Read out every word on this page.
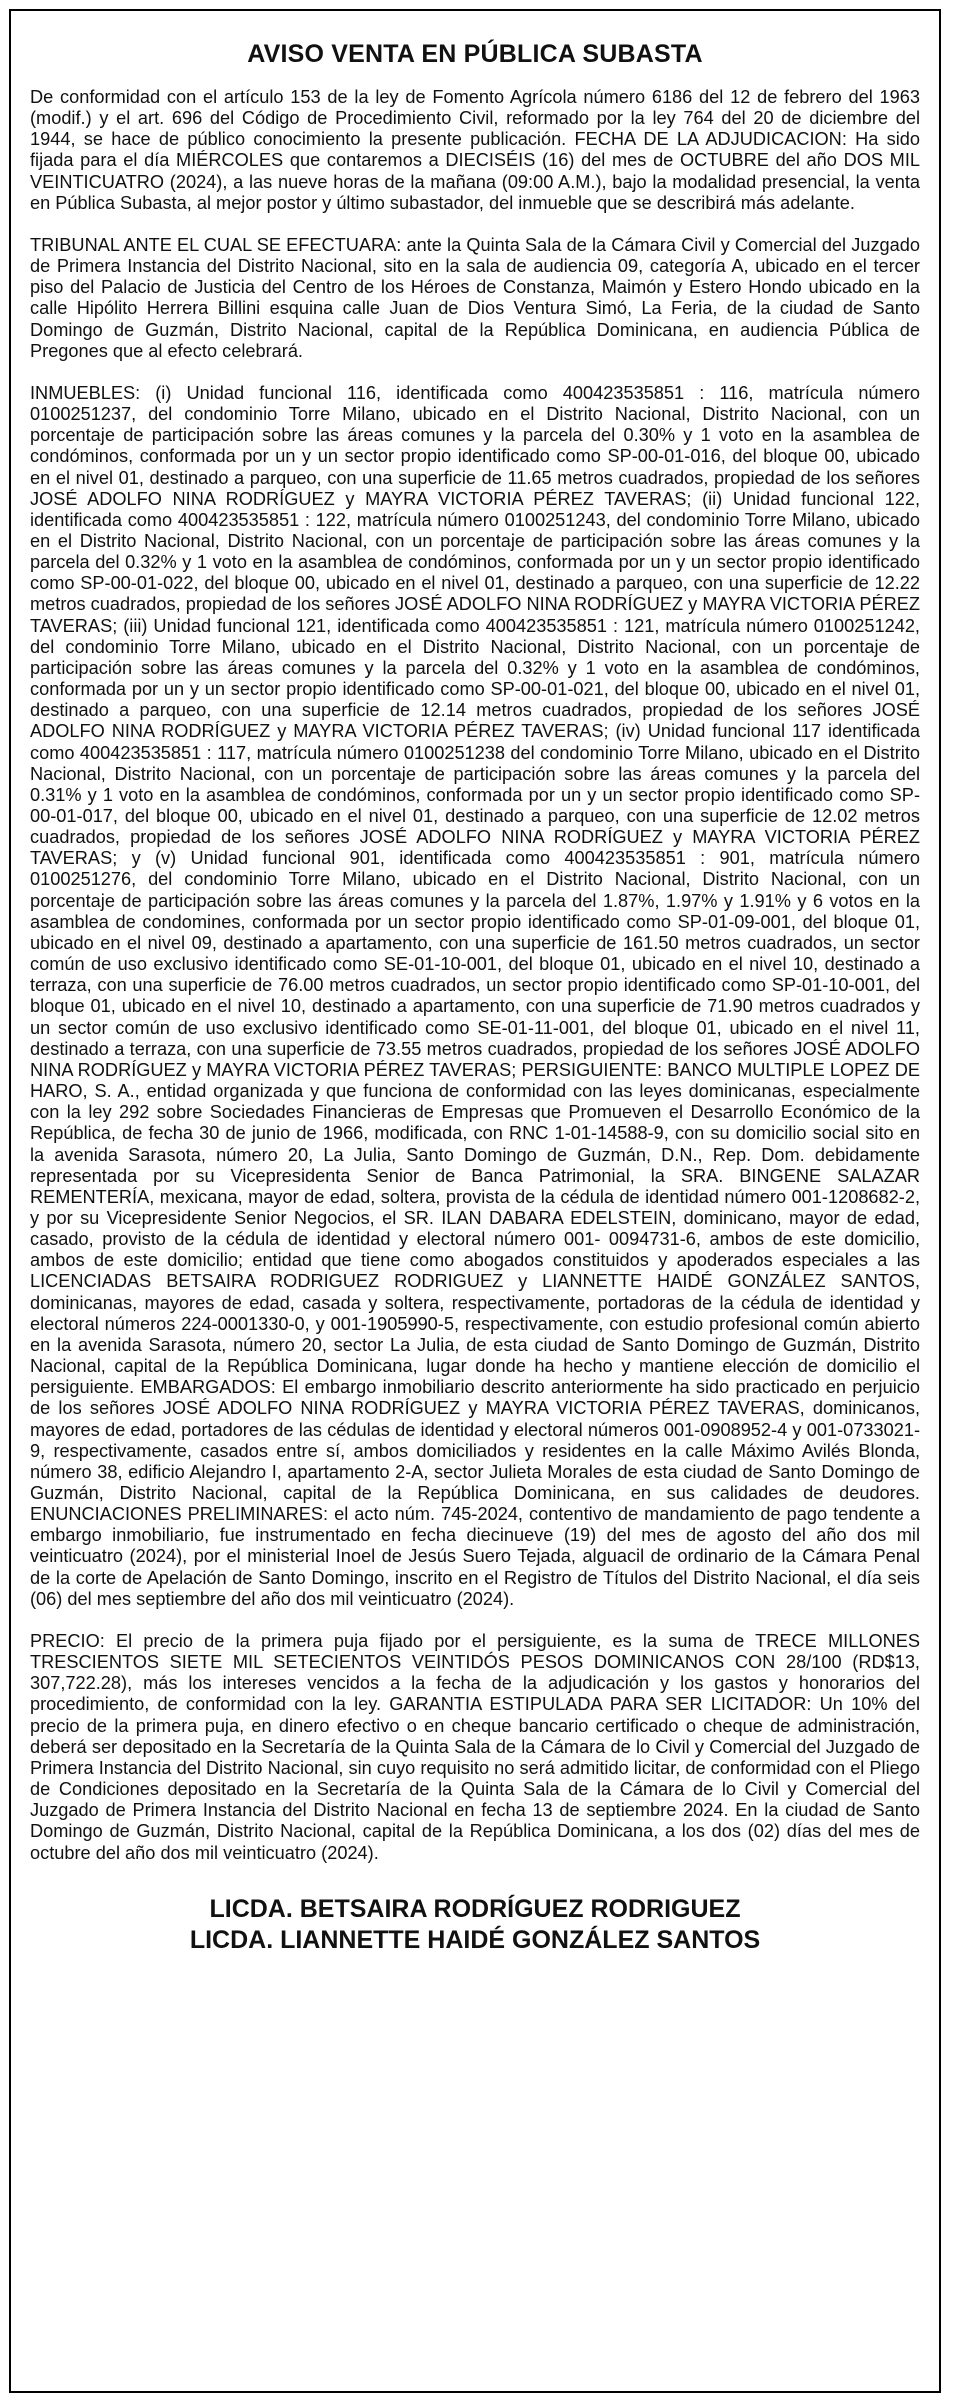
AVISO VENTA EN PÚBLICA SUBASTA

De conformidad con el artículo 153 de la ley de Fomento Agrícola número 6186 del 12 de febrero del 1963 (modif.) y el art. 696 del Código de Procedimiento Civil, reformado por la ley 764 del 20 de diciembre del 1944, se hace de público conocimiento la presente publicación. FECHA DE LA ADJUDICACION: Ha sido fijada para el día MIÉRCOLES que contaremos a DIECISÉIS (16) del mes de OCTUBRE del año DOS MIL VEINTICUATRO (2024), a las nueve horas de la mañana (09:00 A.M.), bajo la modalidad presencial, la venta en Pública Subasta, al mejor postor y último subastador, del inmueble que se describirá más adelante.

TRIBUNAL ANTE EL CUAL SE EFECTUARA: ante la Quinta Sala de la Cámara Civil y Comercial del Juzgado de Primera Instancia del Distrito Nacional, sito en la sala de audiencia 09, categoría A, ubicado en el tercer piso del Palacio de Justicia del Centro de los Héroes de Constanza, Maimón y Estero Hondo ubicado en la calle Hipólito Herrera Billini esquina calle Juan de Dios Ventura Simó, La Feria, de la ciudad de Santo Domingo de Guzmán, Distrito Nacional, capital de la República Dominicana, en audiencia Pública de Pregones que al efecto celebrará.

INMUEBLES: (i) Unidad funcional 116, identificada como 400423535851 : 116, matrícula número 0100251237, del condominio Torre Milano, ubicado en el Distrito Nacional, Distrito Nacional, con un porcentaje de participación sobre las áreas comunes y la parcela del 0.30% y 1 voto en la asamblea de condóminos, conformada por un y un sector propio identificado como SP-00-01-016, del bloque 00, ubicado en el nivel 01, destinado a parqueo, con una superficie de 11.65 metros cuadrados, propiedad de los señores JOSÉ ADOLFO NINA RODRÍGUEZ y MAYRA VICTORIA PÉREZ TAVERAS; (ii) Unidad funcional 122, identificada como 400423535851 : 122, matrícula número 0100251243, del condominio Torre Milano, ubicado en el Distrito Nacional, Distrito Nacional, con un porcentaje de participación sobre las áreas comunes y la parcela del 0.32% y 1 voto en la asamblea de condóminos, conformada por un y un sector propio identificado como SP-00-01-022, del bloque 00, ubicado en el nivel 01, destinado a parqueo, con una superficie de 12.22 metros cuadrados, propiedad de los señores JOSÉ ADOLFO NINA RODRÍGUEZ y MAYRA VICTORIA PÉREZ TAVERAS; (iii) Unidad funcional 121, identificada como 400423535851 : 121, matrícula número 0100251242, del condominio Torre Milano, ubicado en el Distrito Nacional, Distrito Nacional, con un porcentaje de participación sobre las áreas comunes y la parcela del 0.32% y 1 voto en la asamblea de condóminos, conformada por un y un sector propio identificado como SP-00-01-021, del bloque 00, ubicado en el nivel 01, destinado a parqueo, con una superficie de 12.14 metros cuadrados, propiedad de los señores JOSÉ ADOLFO NINA RODRÍGUEZ y MAYRA VICTORIA PÉREZ TAVERAS; (iv) Unidad funcional 117 identificada como 400423535851 : 117, matrícula número 0100251238 del condominio Torre Milano, ubicado en el Distrito Nacional, Distrito Nacional, con un porcentaje de participación sobre las áreas comunes y la parcela del 0.31% y 1 voto en la asamblea de condóminos, conformada por un y un sector propio identificado como SP-00-01-017, del bloque 00, ubicado en el nivel 01, destinado a parqueo, con una superficie de 12.02 metros cuadrados, propiedad de los señores JOSÉ ADOLFO NINA RODRÍGUEZ y MAYRA VICTORIA PÉREZ TAVERAS; y (v) Unidad funcional 901, identificada como 400423535851 : 901, matrícula número 0100251276, del condominio Torre Milano, ubicado en el Distrito Nacional, Distrito Nacional, con un porcentaje de participación sobre las áreas comunes y la parcela del 1.87%, 1.97% y 1.91% y 6 votos en la asamblea de condomines, conformada por un sector propio identificado como SP-01-09-001, del bloque 01, ubicado en el nivel 09, destinado a apartamento, con una superficie de 161.50 metros cuadrados, un sector común de uso exclusivo identificado como SE-01-10-001, del bloque 01, ubicado en el nivel 10, destinado a terraza, con una superficie de 76.00 metros cuadrados, un sector propio identificado como SP-01-10-001, del bloque 01, ubicado en el nivel 10, destinado a apartamento, con una superficie de 71.90 metros cuadrados y un sector común de uso exclusivo identificado como SE-01-11-001, del bloque 01, ubicado en el nivel 11, destinado a terraza, con una superficie de 73.55 metros cuadrados, propiedad de los señores JOSÉ ADOLFO NINA RODRÍGUEZ y MAYRA VICTORIA PÉREZ TAVERAS; PERSIGUIENTE: BANCO MULTIPLE LOPEZ DE HARO, S. A., entidad organizada y que funciona de conformidad con las leyes dominicanas, especialmente con la ley 292 sobre Sociedades Financieras de Empresas que Promueven el Desarrollo Económico de la República, de fecha 30 de junio de 1966, modificada, con RNC 1-01-14588-9, con su domicilio social sito en la avenida Sarasota, número 20, La Julia, Santo Domingo de Guzmán, D.N., Rep. Dom. debidamente representada por su Vicepresidenta Senior de Banca Patrimonial, la SRA. BINGENE SALAZAR REMENTERÍA, mexicana, mayor de edad, soltera, provista de la cédula de identidad número 001-1208682-2, y por su Vicepresidente Senior Negocios, el SR. ILAN DABARA EDELSTEIN, dominicano, mayor de edad, casado, provisto de la cédula de identidad y electoral número 001- 0094731-6, ambos de este domicilio, ambos de este domicilio; entidad que tiene como abogados constituidos y apoderados especiales a las LICENCIADAS BETSAIRA RODRIGUEZ RODRIGUEZ y LIANNETTE HAIDÉ GONZÁLEZ SANTOS, dominicanas, mayores de edad, casada y soltera, respectivamente, portadoras de la cédula de identidad y electoral números 224-0001330-0, y 001-1905990-5, respectivamente, con estudio profesional común abierto en la avenida Sarasota, número 20, sector La Julia, de esta ciudad de Santo Domingo de Guzmán, Distrito Nacional, capital de la República Dominicana, lugar donde ha hecho y mantiene elección de domicilio el persiguiente. EMBARGADOS: El embargo inmobiliario descrito anteriormente ha sido practicado en perjuicio de los señores JOSÉ ADOLFO NINA RODRÍGUEZ y MAYRA VICTORIA PÉREZ TAVERAS, dominicanos, mayores de edad, portadores de las cédulas de identidad y electoral números 001-0908952-4 y 001-0733021-9, respectivamente, casados entre sí, ambos domiciliados y residentes en la calle Máximo Avilés Blonda, número 38, edificio Alejandro I, apartamento 2-A, sector Julieta Morales de esta ciudad de Santo Domingo de Guzmán, Distrito Nacional, capital de la República Dominicana, en sus calidades de deudores. ENUNCIACIONES PRELIMINARES: el acto núm. 745-2024, contentivo de mandamiento de pago tendente a embargo inmobiliario, fue instrumentado en fecha diecinueve (19) del mes de agosto del año dos mil veinticuatro (2024), por el ministerial Inoel de Jesús Suero Tejada, alguacil de ordinario de la Cámara Penal de la corte de Apelación de Santo Domingo, inscrito en el Registro de Títulos del Distrito Nacional, el día seis (06) del mes septiembre del año dos mil veinticuatro (2024).

PRECIO: El precio de la primera puja fijado por el persiguiente, es la suma de TRECE MILLONES TRESCIENTOS SIETE MIL SETECIENTOS VEINTIDÓS PESOS DOMINICANOS CON 28/100 (RD$13, 307,722.28), más los intereses vencidos a la fecha de la adjudicación y los gastos y honorarios del procedimiento, de conformidad con la ley. GARANTIA ESTIPULADA PARA SER LICITADOR: Un 10% del precio de la primera puja, en dinero efectivo o en cheque bancario certificado o cheque de administración, deberá ser depositado en la Secretaría de la Quinta Sala de la Cámara de lo Civil y Comercial del Juzgado de Primera Instancia del Distrito Nacional, sin cuyo requisito no será admitido licitar, de conformidad con el Pliego de Condiciones depositado en la Secretaría de la Quinta Sala de la Cámara de lo Civil y Comercial del Juzgado de Primera Instancia del Distrito Nacional en fecha 13 de septiembre 2024. En la ciudad de Santo Domingo de Guzmán, Distrito Nacional, capital de la República Dominicana, a los dos (02) días del mes de octubre del año dos mil veinticuatro (2024).

LICDA. BETSAIRA RODRÍGUEZ RODRIGUEZ
LICDA. LIANNETTE HAIDÉ GONZÁLEZ SANTOS
